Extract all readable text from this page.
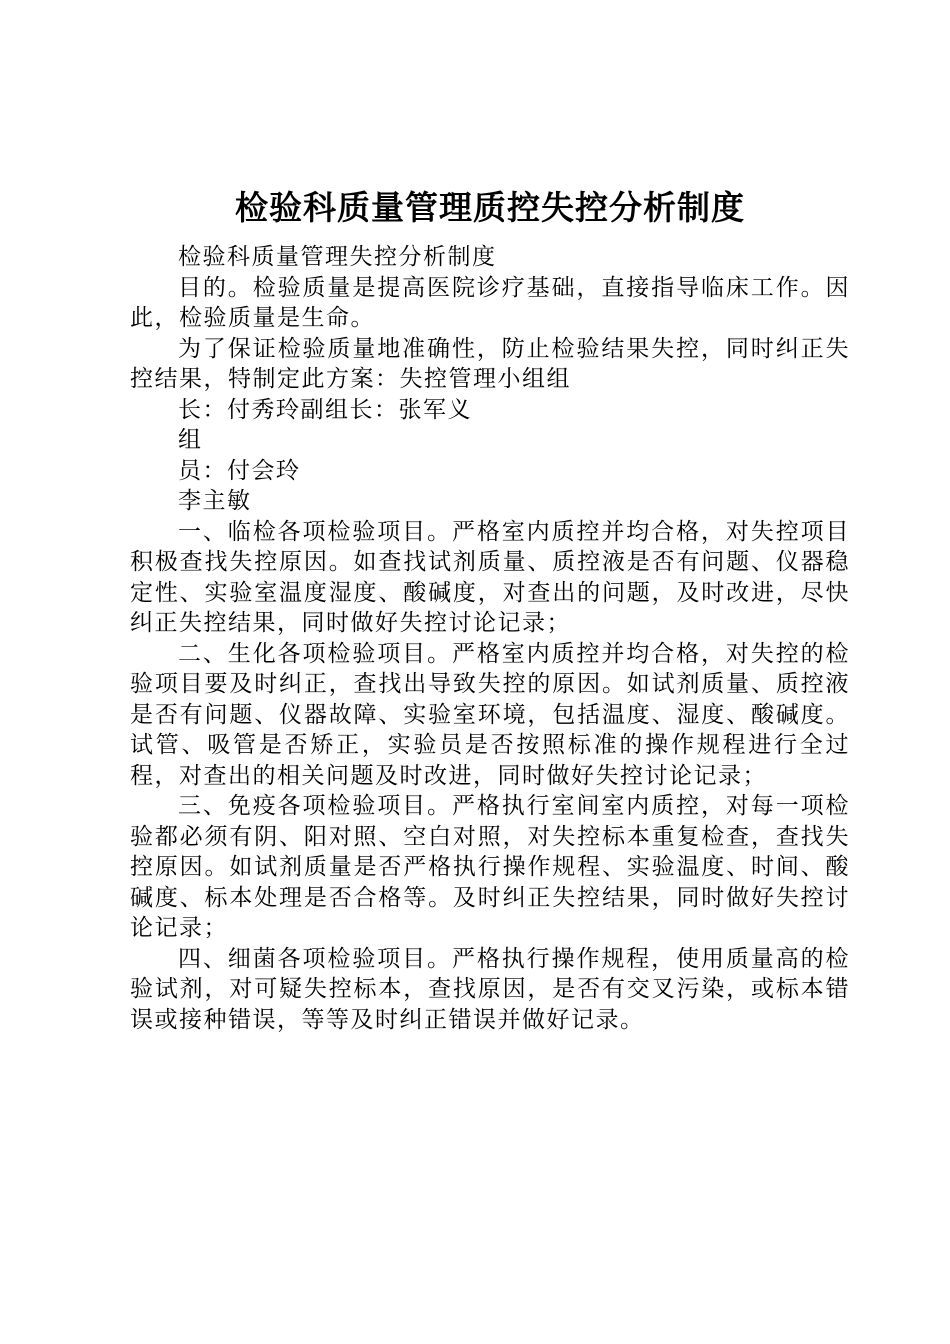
检验科质量管理质控失控分析制度

检验科质量管理失控分析制度

目的。检验质量是提高医院诊疗基础，直接指导临床工作。因此，检验质量是生命。

为了保证检验质量地准确性，防止检验结果失控，同时纠正失控结果，特制定此方案：失控管理小组组

长：付秀玲副组长：张军义

组

员：付会玲

李主敏

一、临检各项检验项目。严格室内质控并均合格，对失控项目积极查找失控原因。如查找试剂质量、质控液是否有问题、仪器稳定性、实验室温度湿度、酸碱度，对查出的问题，及时改进，尽快纠正失控结果，同时做好失控讨论记录；

二、生化各项检验项目。严格室内质控并均合格，对失控的检验项目要及时纠正，查找出导致失控的原因。如试剂质量、质控液是否有问题、仪器故障、实验室环境，包括温度、湿度、酸碱度。试管、吸管是否矫正，实验员是否按照标准的操作规程进行全过程，对查出的相关问题及时改进，同时做好失控讨论记录；

三、免疫各项检验项目。严格执行室间室内质控，对每一项检验都必须有阴、阳对照、空白对照，对失控标本重复检查，查找失控原因。如试剂质量是否严格执行操作规程、实验温度、时间、酸碱度、标本处理是否合格等。及时纠正失控结果，同时做好失控讨论记录；

四、细菌各项检验项目。严格执行操作规程，使用质量高的检验试剂，对可疑失控标本，查找原因，是否有交叉污染，或标本错误或接种错误，等等及时纠正错误并做好记录。
